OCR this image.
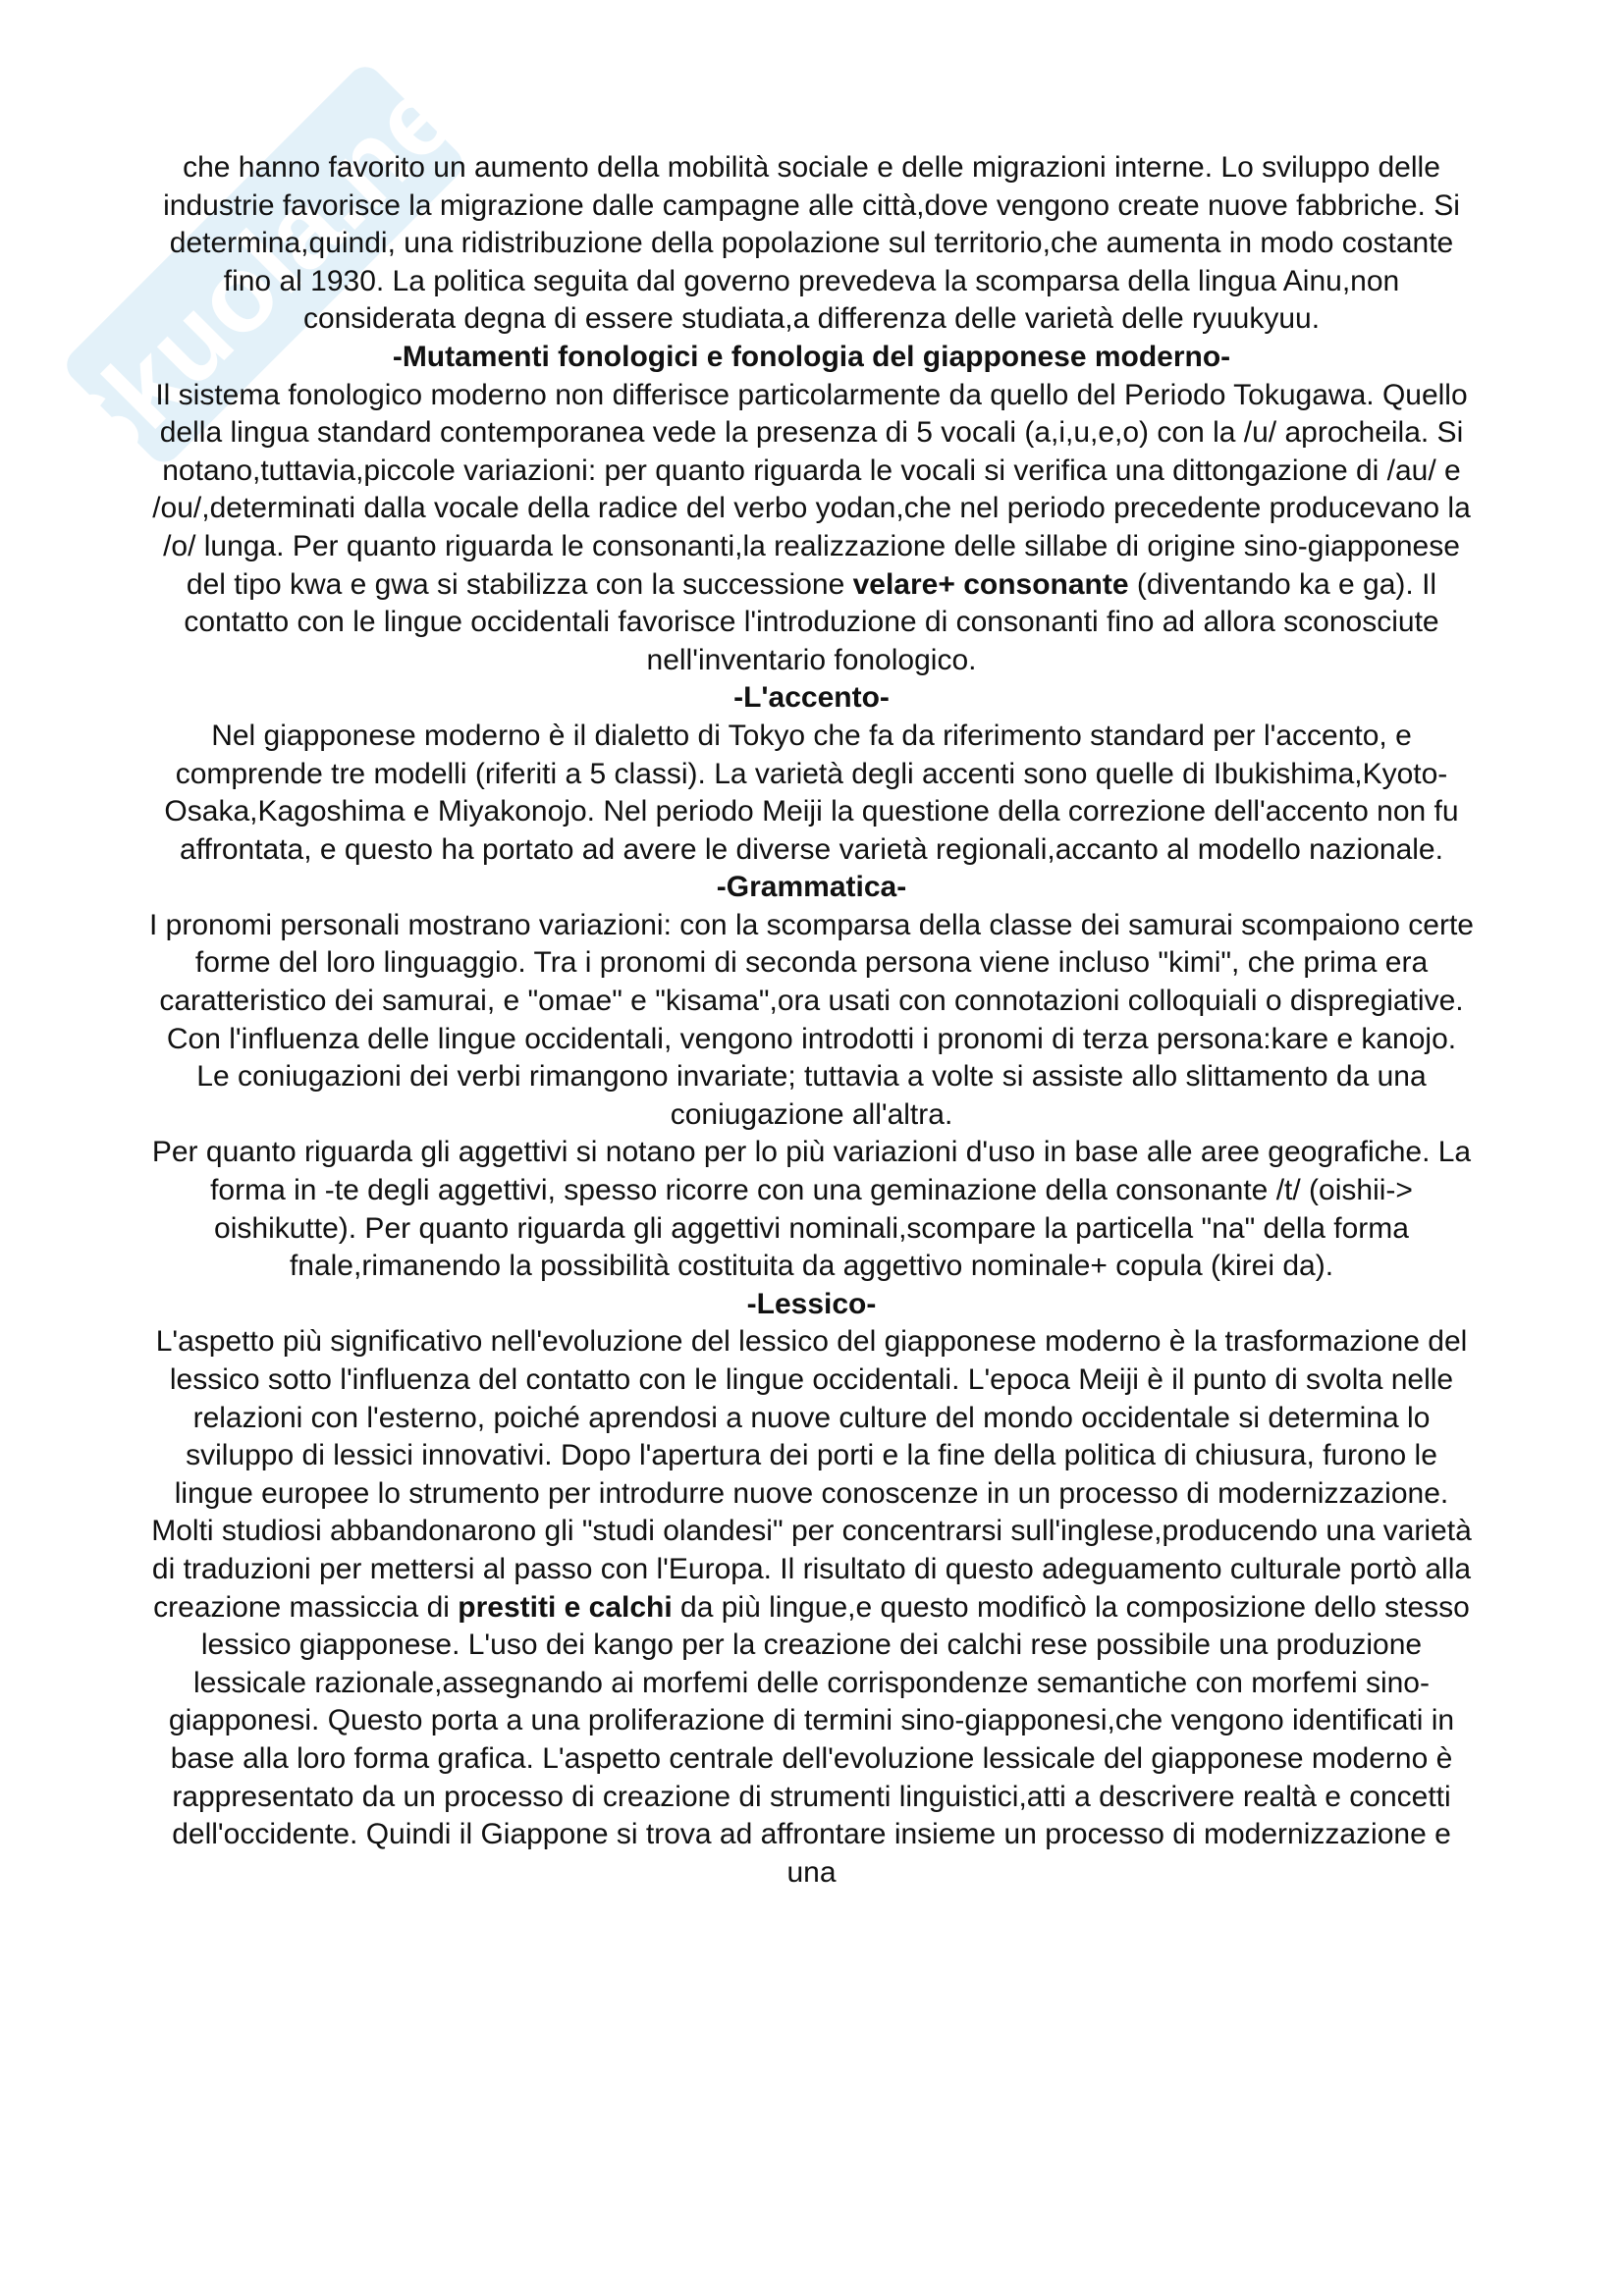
Skuola.net

che hanno favorito un aumento della mobilità sociale e delle migrazioni interne. Lo sviluppo delle industrie favorisce la migrazione dalle campagne alle città,dove vengono create nuove fabbriche. Si determina,quindi, una ridistribuzione della popolazione sul territorio,che aumenta in modo costante fino al 1930. La politica seguita dal governo prevedeva la scomparsa della lingua Ainu,non considerata degna di essere studiata,a differenza delle varietà delle ryuukyuu.

-Mutamenti fonologici e fonologia del giapponese moderno-

Il sistema fonologico moderno non differisce particolarmente da quello del Periodo Tokugawa. Quello della lingua standard contemporanea vede la presenza di 5 vocali (a,i,u,e,o) con la /u/ aprocheila. Si notano,tuttavia,piccole variazioni: per quanto riguarda le vocali si verifica una dittongazione di /au/ e /ou/,determinati dalla vocale della radice del verbo yodan,che nel periodo precedente producevano la /o/ lunga. Per quanto riguarda le consonanti,la realizzazione delle sillabe di origine sino-giapponese del tipo kwa e gwa si stabilizza con la successione velare+ consonante (diventando ka e ga). Il contatto con le lingue occidentali favorisce l'introduzione di consonanti fino ad allora sconosciute nell'inventario fonologico.

-L'accento-

Nel giapponese moderno è il dialetto di Tokyo che fa da riferimento standard per l'accento, e comprende tre modelli (riferiti a 5 classi). La varietà degli accenti sono quelle di Ibukishima,Kyoto-Osaka,Kagoshima e Miyakonojo. Nel periodo Meiji la questione della correzione dell'accento non fu affrontata, e questo ha portato ad avere le diverse varietà regionali,accanto al modello nazionale.

-Grammatica-

I pronomi personali mostrano variazioni: con la scomparsa della classe dei samurai scompaiono certe forme del loro linguaggio. Tra i pronomi di seconda persona viene incluso "kimi", che prima era caratteristico dei samurai, e "omae" e "kisama",ora usati con connotazioni colloquiali o dispregiative. Con l'influenza delle lingue occidentali, vengono introdotti i pronomi di terza persona:kare e kanojo.

Le coniugazioni dei verbi rimangono invariate; tuttavia a volte si assiste allo slittamento da una coniugazione all'altra.

Per quanto riguarda gli aggettivi si notano per lo più variazioni d'uso in base alle aree geografiche. La forma in -te degli aggettivi, spesso ricorre con una geminazione della consonante /t/ (oishii-> oishikutte). Per quanto riguarda gli aggettivi nominali,scompare la particella "na" della forma fnale,rimanendo la possibilità costituita da aggettivo nominale+ copula (kirei da).

-Lessico-

L'aspetto più significativo nell'evoluzione del lessico del giapponese moderno è la trasformazione del lessico sotto l'influenza del contatto con le lingue occidentali. L'epoca Meiji è il punto di svolta nelle relazioni con l'esterno, poiché aprendosi a nuove culture del mondo occidentale si determina lo sviluppo di lessici innovativi. Dopo l'apertura dei porti e la fine della politica di chiusura, furono le lingue europee lo strumento per introdurre nuove conoscenze in un processo di modernizzazione. Molti studiosi abbandonarono gli "studi olandesi" per concentrarsi sull'inglese,producendo una varietà di traduzioni per mettersi al passo con l'Europa. Il risultato di questo adeguamento culturale portò alla creazione massiccia di prestiti e calchi da più lingue,e questo modificò la composizione dello stesso lessico giapponese. L'uso dei kango per la creazione dei calchi rese possibile una produzione lessicale razionale,assegnando ai morfemi delle corrispondenze semantiche con morfemi sino-giapponesi. Questo porta a una proliferazione di termini sino-giapponesi,che vengono identificati in base alla loro forma grafica. L'aspetto centrale dell'evoluzione lessicale del giapponese moderno è rappresentato da un processo di creazione di strumenti linguistici,atti a descrivere realtà e concetti dell'occidente. Quindi il Giappone si trova ad affrontare insieme un processo di modernizzazione e una
